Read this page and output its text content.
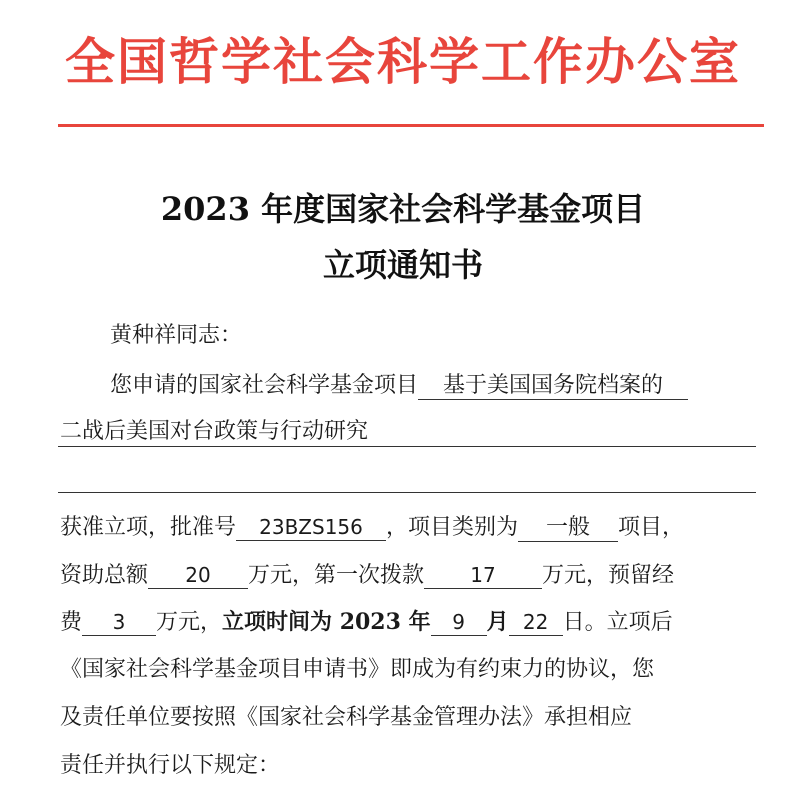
全国哲学社会科学工作办公室
2023 年度国家社会科学基金项目
立项通知书
黄种祥同志：
您申请的国家社会科学基金项目 基于美国国务院档案的
二战后美国对台政策与行动研究
获准立项，批准号 23BZS156 ，项目类别为 一般 项目，
资助总额 20 万元，第一次拨款 17 万元，预留经
费 3 万元，立项时间为 2023 年 9 月 22 日。立项后
《国家社会科学基金项目申请书》即成为有约束力的协议，您
及责任单位要按照《国家社会科学基金管理办法》承担相应
责任并执行以下规定：
